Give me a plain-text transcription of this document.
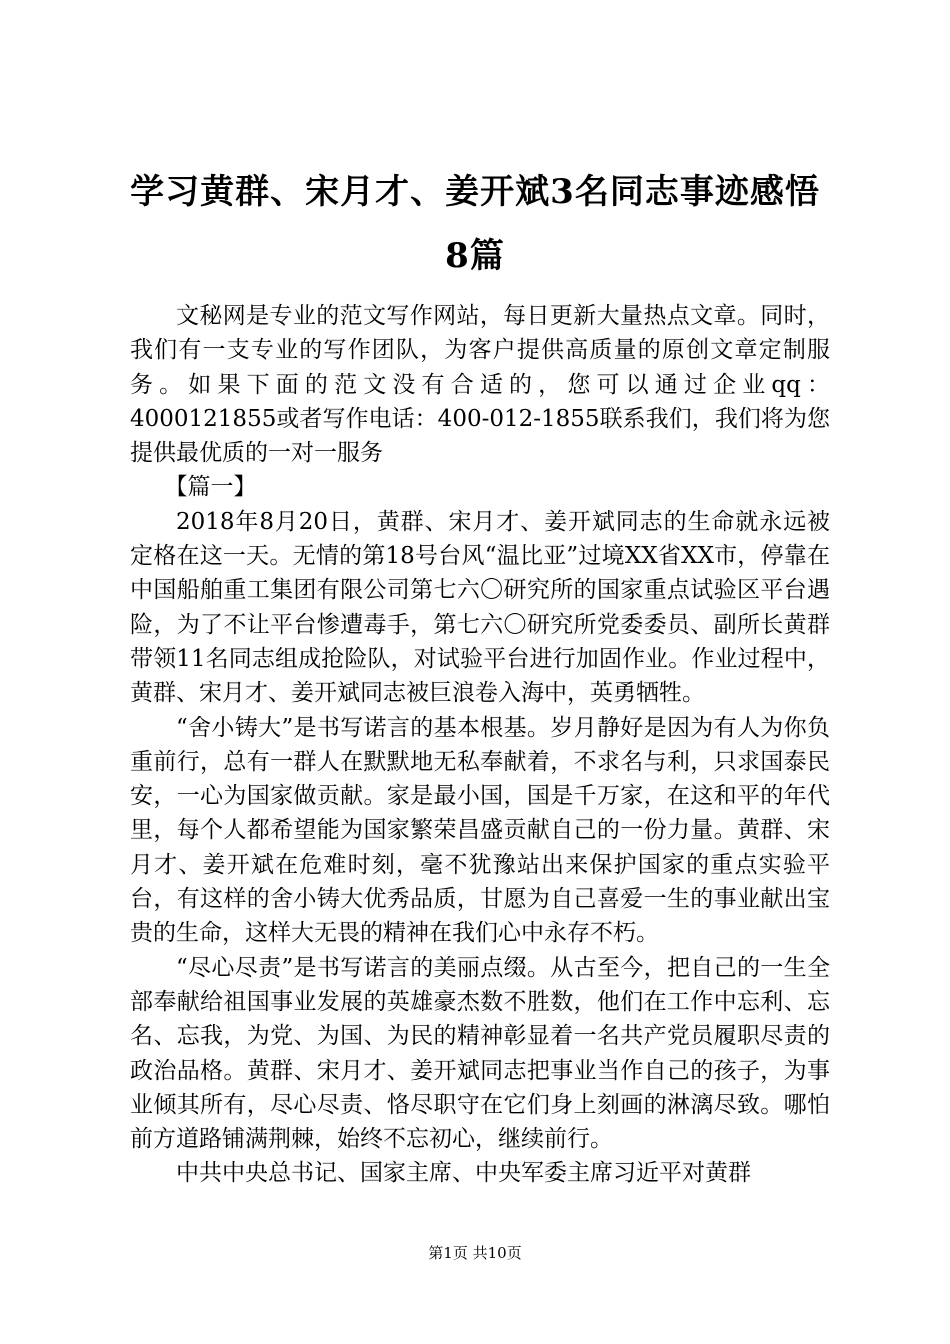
学习黄群、宋月才、姜开斌3名同志事迹感悟
8篇

文秘网是专业的范文写作网站，每日更新大量热点文章。同时，我们有一支专业的写作团队，为客户提供高质量的原创文章定制服务。如果下面的范文没有合适的，您可以通过企业qq：4000121855或者写作电话：400-012-1855联系我们，我们将为您提供最优质的一对一服务

【篇一】

2018年8月20日，黄群、宋月才、姜开斌同志的生命就永远被定格在这一天。无情的第18号台风“温比亚”过境XX省XX市，停靠在中国船舶重工集团有限公司第七六〇研究所的国家重点试验区平台遇险，为了不让平台惨遭毒手，第七六〇研究所党委委员、副所长黄群带领11名同志组成抢险队，对试验平台进行加固作业。作业过程中，黄群、宋月才、姜开斌同志被巨浪卷入海中，英勇牺牲。

“舍小铸大”是书写诺言的基本根基。岁月静好是因为有人为你负重前行，总有一群人在默默地无私奉献着，不求名与利，只求国泰民安，一心为国家做贡献。家是最小国，国是千万家，在这和平的年代里，每个人都希望能为国家繁荣昌盛贡献自己的一份力量。黄群、宋月才、姜开斌在危难时刻，毫不犹豫站出来保护国家的重点实验平台，有这样的舍小铸大优秀品质，甘愿为自己喜爱一生的事业献出宝贵的生命，这样大无畏的精神在我们心中永存不朽。

“尽心尽责”是书写诺言的美丽点缀。从古至今，把自己的一生全部奉献给祖国事业发展的英雄豪杰数不胜数，他们在工作中忘利、忘名、忘我，为党、为国、为民的精神彰显着一名共产党员履职尽责的政治品格。黄群、宋月才、姜开斌同志把事业当作自己的孩子，为事业倾其所有，尽心尽责、恪尽职守在它们身上刻画的淋漓尽致。哪怕前方道路铺满荆棘，始终不忘初心，继续前行。

中共中央总书记、国家主席、中央军委主席习近平对黄群

第1页 共10页
